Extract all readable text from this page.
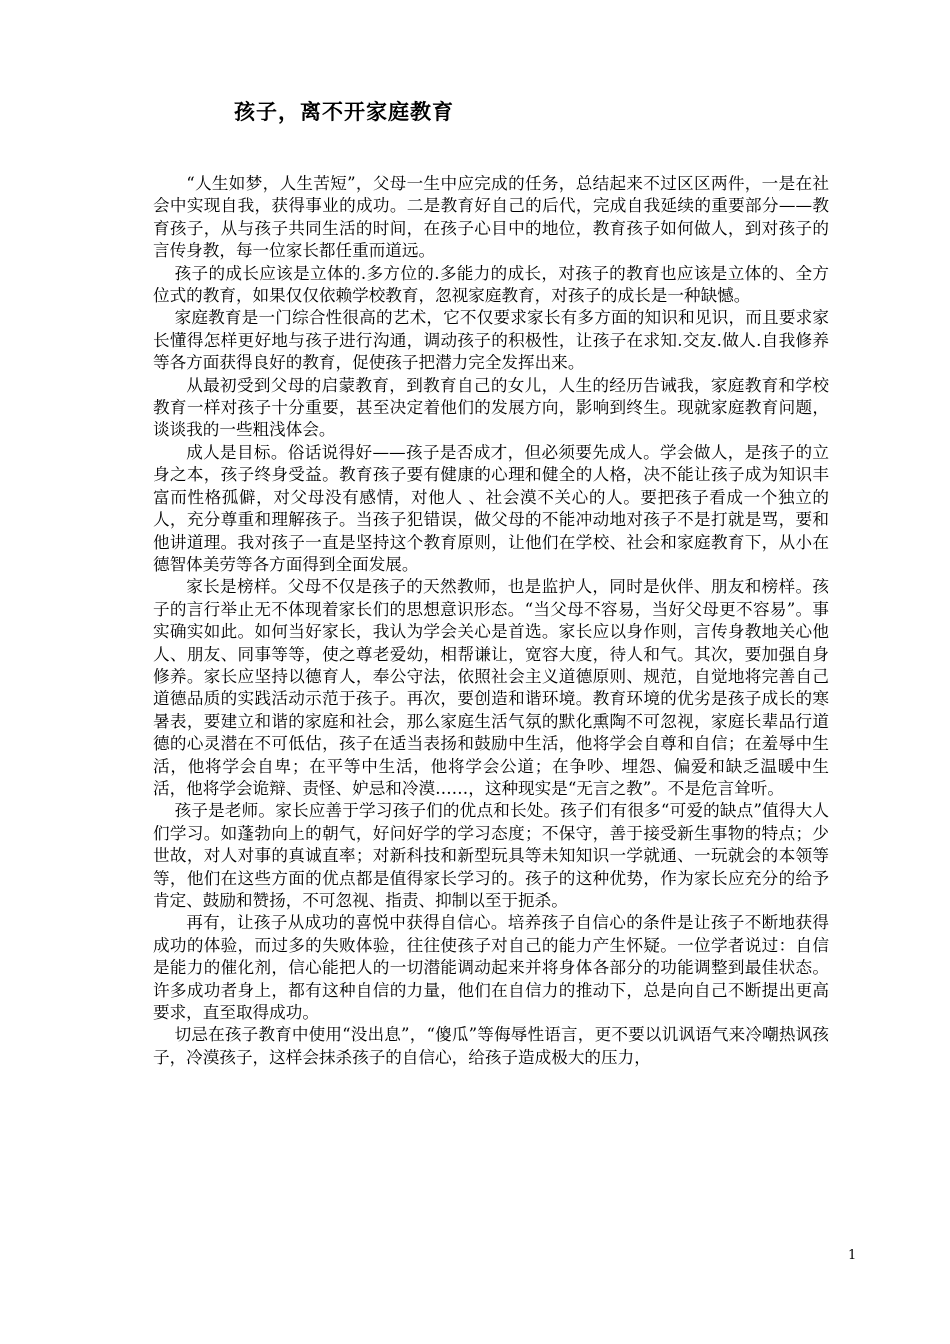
孩子，离不开家庭教育

“人生如梦，人生苦短”，父母一生中应完成的任务，总结起来不过区区两件，一是在社会中实现自我，获得事业的成功。二是教育好自己的后代，完成自我延续的重要部分——教育孩子，从与孩子共同生活的时间，在孩子心目中的地位，教育孩子如何做人，到对孩子的言传身教，每一位家长都任重而道远。

孩子的成长应该是立体的.多方位的.多能力的成长，对孩子的教育也应该是立体的、全方位式的教育，如果仅仅依赖学校教育，忽视家庭教育，对孩子的成长是一种缺憾。

家庭教育是一门综合性很高的艺术，它不仅要求家长有多方面的知识和见识，而且要求家长懂得怎样更好地与孩子进行沟通，调动孩子的积极性，让孩子在求知.交友.做人.自我修养等各方面获得良好的教育，促使孩子把潜力完全发挥出来。

从最初受到父母的启蒙教育，到教育自己的女儿，人生的经历告诫我，家庭教育和学校教育一样对孩子十分重要，甚至决定着他们的发展方向，影响到终生。现就家庭教育问题，谈谈我的一些粗浅体会。

成人是目标。俗话说得好——孩子是否成才，但必须要先成人。学会做人，是孩子的立身之本，孩子终身受益。教育孩子要有健康的心理和健全的人格，决不能让孩子成为知识丰富而性格孤僻，对父母没有感情，对他人 、社会漠不关心的人。要把孩子看成一个独立的人，充分尊重和理解孩子。当孩子犯错误，做父母的不能冲动地对孩子不是打就是骂，要和他讲道理。我对孩子一直是坚持这个教育原则，让他们在学校、社会和家庭教育下，从小在德智体美劳等各方面得到全面发展。

家长是榜样。父母不仅是孩子的天然教师，也是监护人，同时是伙伴、朋友和榜样。孩子的言行举止无不体现着家长们的思想意识形态。“当父母不容易，当好父母更不容易”。事实确实如此。如何当好家长，我认为学会关心是首选。家长应以身作则，言传身教地关心他人、朋友、同事等等，使之尊老爱幼，相帮谦让，宽容大度，待人和气。其次，要加强自身修养。家长应坚持以德育人，奉公守法，依照社会主义道德原则、规范，自觉地将完善自己道德品质的实践活动示范于孩子。再次，要创造和谐环境。教育环境的优劣是孩子成长的寒暑表，要建立和谐的家庭和社会，那么家庭生活气氛的默化熏陶不可忽视，家庭长辈品行道德的心灵潜在不可低估，孩子在适当表扬和鼓励中生活，他将学会自尊和自信；在羞辱中生活，他将学会自卑；在平等中生活，他将学会公道；在争吵、埋怨、偏爱和缺乏温暖中生活，他将学会诡辩、责怪、妒忌和冷漠……，这种现实是“无言之教”。不是危言耸听。

孩子是老师。家长应善于学习孩子们的优点和长处。孩子们有很多“可爱的缺点”值得大人们学习。如蓬勃向上的朝气，好问好学的学习态度；不保守，善于接受新生事物的特点；少世故，对人对事的真诚直率；对新科技和新型玩具等未知知识一学就通、一玩就会的本领等等，他们在这些方面的优点都是值得家长学习的。孩子的这种优势，作为家长应充分的给予肯定、鼓励和赞扬，不可忽视、指责、抑制以至于扼杀。

再有，让孩子从成功的喜悦中获得自信心。培养孩子自信心的条件是让孩子不断地获得成功的体验，而过多的失败体验，往往使孩子对自己的能力产生怀疑。一位学者说过：自信是能力的催化剂，信心能把人的一切潜能调动起来并将身体各部分的功能调整到最佳状态。许多成功者身上，都有这种自信的力量，他们在自信力的推动下，总是向自己不断提出更高要求，直至取得成功。

切忌在孩子教育中使用“没出息”，“傻瓜”等侮辱性语言，更不要以讥讽语气来冷嘲热讽孩子，冷漠孩子，这样会抹杀孩子的自信心，给孩子造成极大的压力，

1
